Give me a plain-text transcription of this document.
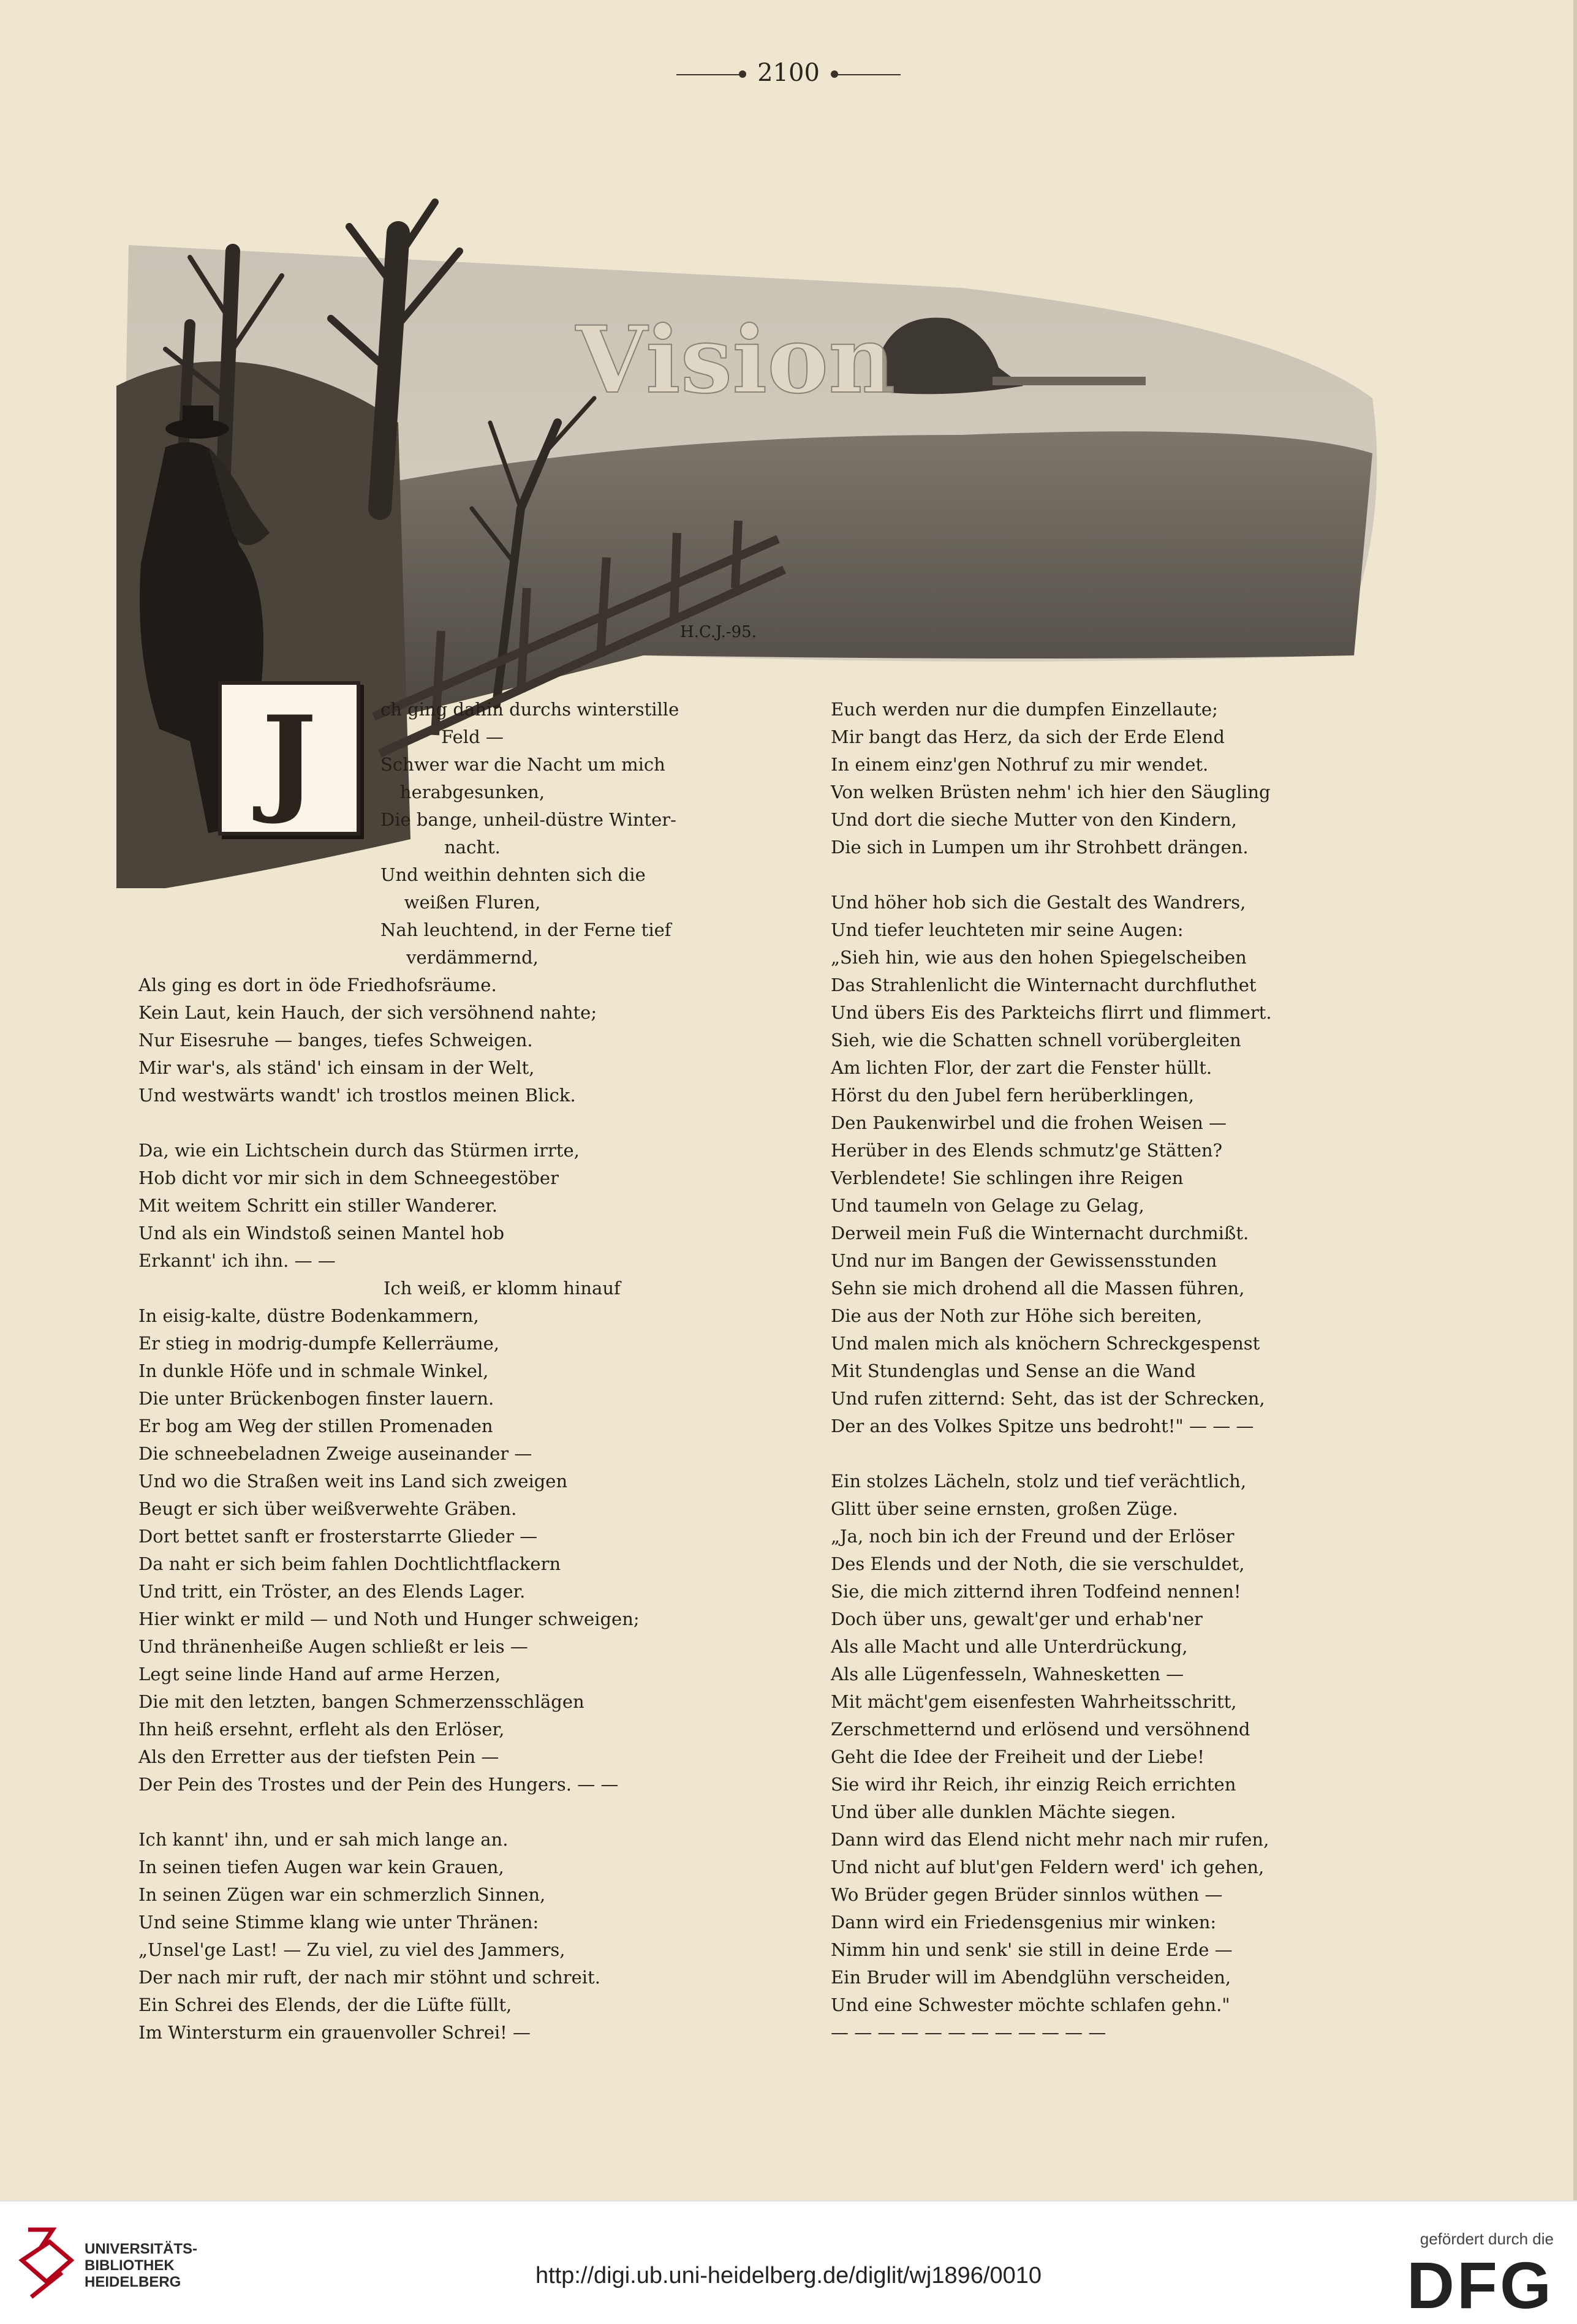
2100
Vision
H.C.J.-95.
J	ch ging dahin durchs winterstille
Feld —
Schwer war die Nacht um mich
herabgesunken,
Die bange, unheil-düstre Winter-
nacht.
Und weithin dehnten sich die
weißen Fluren,
Nah leuchtend, in der Ferne tief
verdämmernd,
Als ging es dort in öde Friedhofsräume.
Kein Laut, kein Hauch, der sich versöhnend nahte;
Nur Eisesruhe — banges, tiefes Schweigen.
Mir war's, als ständ' ich einsam in der Welt,
Und westwärts wandt' ich trostlos meinen Blick.
Da, wie ein Lichtschein durch das Stürmen irrte,
Hob dicht vor mir sich in dem Schneegestöber
Mit weitem Schritt ein stiller Wanderer.
Und als ein Windstoß seinen Mantel hob
Erkannt' ich ihn. — —
Ich weiß, er klomm hinauf
In eisig-kalte, düstre Bodenkammern,
Er stieg in modrig-dumpfe Kellerräume,
In dunkle Höfe und in schmale Winkel,
Die unter Brückenbogen finster lauern.
Er bog am Weg der stillen Promenaden
Die schneebeladnen Zweige auseinander —
Und wo die Straßen weit ins Land sich zweigen
Beugt er sich über weißverwehte Gräben.
Dort bettet sanft er frosterstarrte Glieder —
Da naht er sich beim fahlen Dochtlichtflackern
Und tritt, ein Tröster, an des Elends Lager.
Hier winkt er mild — und Noth und Hunger schweigen;
Und thränenheiße Augen schließt er leis —
Legt seine linde Hand auf arme Herzen,
Die mit den letzten, bangen Schmerzensschlägen
Ihn heiß ersehnt, erfleht als den Erlöser,
Als den Erretter aus der tiefsten Pein —
Der Pein des Trostes und der Pein des Hungers. — —
Ich kannt' ihn, und er sah mich lange an.
In seinen tiefen Augen war kein Grauen,
In seinen Zügen war ein schmerzlich Sinnen,
Und seine Stimme klang wie unter Thränen:
„Unsel'ge Last! — Zu viel, zu viel des Jammers,
Der nach mir ruft, der nach mir stöhnt und schreit.
Ein Schrei des Elends, der die Lüfte füllt,
Im Wintersturm ein grauenvoller Schrei! —
Euch werden nur die dumpfen Einzellaute;
Mir bangt das Herz, da sich der Erde Elend
In einem einz'gen Nothruf zu mir wendet.
Von welken Brüsten nehm' ich hier den Säugling
Und dort die sieche Mutter von den Kindern,
Die sich in Lumpen um ihr Strohbett drängen.
Und höher hob sich die Gestalt des Wandrers,
Und tiefer leuchteten mir seine Augen:
„Sieh hin, wie aus den hohen Spiegelscheiben
Das Strahlenlicht die Winternacht durchfluthet
Und übers Eis des Parkteichs flirrt und flimmert.
Sieh, wie die Schatten schnell vorübergleiten
Am lichten Flor, der zart die Fenster hüllt.
Hörst du den Jubel fern herüberklingen,
Den Paukenwirbel und die frohen Weisen —
Herüber in des Elends schmutz'ge Stätten?
Verblendete! Sie schlingen ihre Reigen
Und taumeln von Gelage zu Gelag,
Derweil mein Fuß die Winternacht durchmißt.
Und nur im Bangen der Gewissensstunden
Sehn sie mich drohend all die Massen führen,
Die aus der Noth zur Höhe sich bereiten,
Und malen mich als knöchern Schreckgespenst
Mit Stundenglas und Sense an die Wand
Und rufen zitternd: Seht, das ist der Schrecken,
Der an des Volkes Spitze uns bedroht!" — — —
Ein stolzes Lächeln, stolz und tief verächtlich,
Glitt über seine ernsten, großen Züge.
„Ja, noch bin ich der Freund und der Erlöser
Des Elends und der Noth, die sie verschuldet,
Sie, die mich zitternd ihren Todfeind nennen!
Doch über uns, gewalt'ger und erhab'ner
Als alle Macht und alle Unterdrückung,
Als alle Lügenfesseln, Wahnesketten —
Mit mächt'gem eisenfesten Wahrheitsschritt,
Zerschmetternd und erlösend und versöhnend
Geht die Idee der Freiheit und der Liebe!
Sie wird ihr Reich, ihr einzig Reich errichten
Und über alle dunklen Mächte siegen.
Dann wird das Elend nicht mehr nach mir rufen,
Und nicht auf blut'gen Feldern werd' ich gehen,
Wo Brüder gegen Brüder sinnlos wüthen —
Dann wird ein Friedensgenius mir winken:
Nimm hin und senk' sie still in deine Erde —
Ein Bruder will im Abendglühn verscheiden,
Und eine Schwester möchte schlafen gehn."
— — — — — — — — — — — —
UNIVERSITÄTS-
BIBLIOTHEK
HEIDELBERG	http://digi.ub.uni-heidelberg.de/diglit/wj1896/0010
gefördert durch die
DFG
